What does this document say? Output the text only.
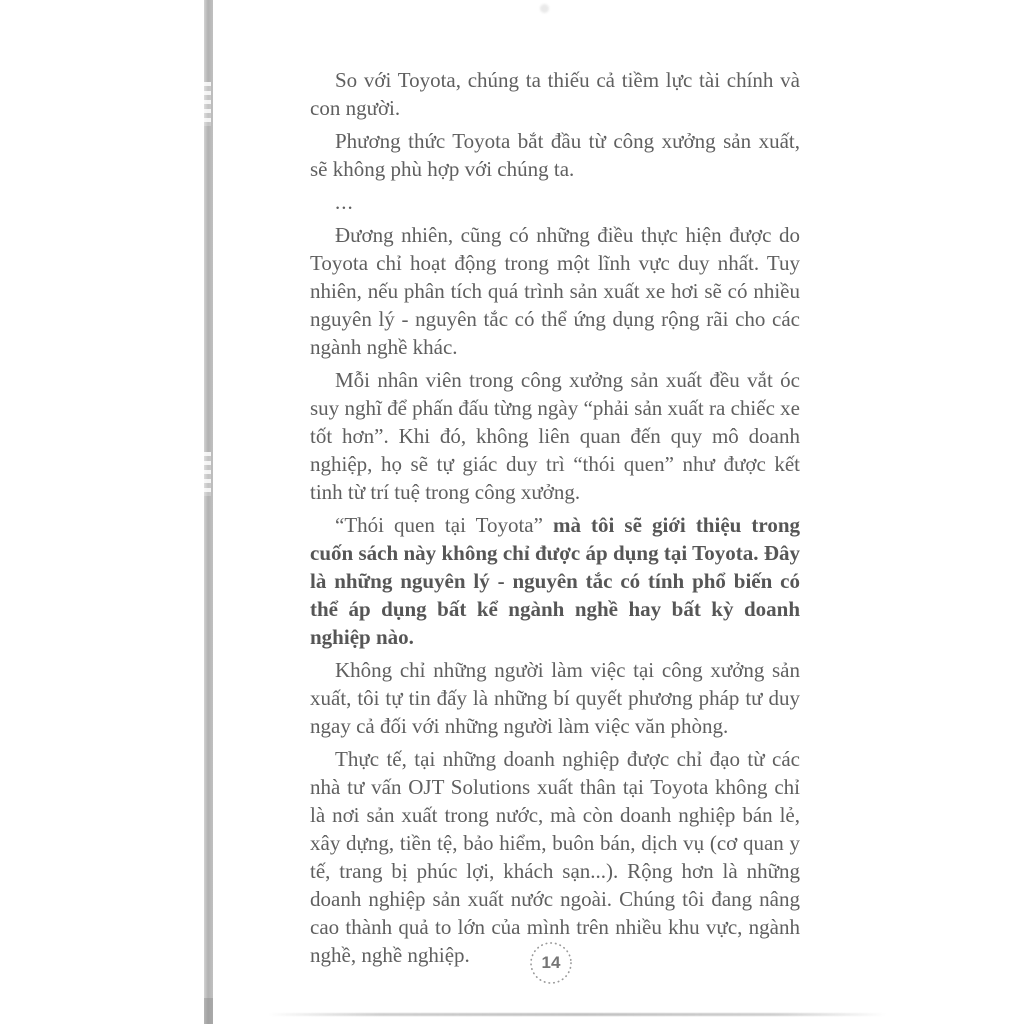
So với Toyota, chúng ta thiếu cả tiềm lực tài chính và con người.

Phương thức Toyota bắt đầu từ công xưởng sản xuất, sẽ không phù hợp với chúng ta.

...

Đương nhiên, cũng có những điều thực hiện được do Toyota chỉ hoạt động trong một lĩnh vực duy nhất. Tuy nhiên, nếu phân tích quá trình sản xuất xe hơi sẽ có nhiều nguyên lý - nguyên tắc có thể ứng dụng rộng rãi cho các ngành nghề khác.

Mỗi nhân viên trong công xưởng sản xuất đều vắt óc suy nghĩ để phấn đấu từng ngày “phải sản xuất ra chiếc xe tốt hơn”. Khi đó, không liên quan đến quy mô doanh nghiệp, họ sẽ tự giác duy trì “thói quen” như được kết tinh từ trí tuệ trong công xưởng.

“Thói quen tại Toyota” mà tôi sẽ giới thiệu trong cuốn sách này không chỉ được áp dụng tại Toyota. Đây là những nguyên lý - nguyên tắc có tính phổ biến có thể áp dụng bất kể ngành nghề hay bất kỳ doanh nghiệp nào.

Không chỉ những người làm việc tại công xưởng sản xuất, tôi tự tin đấy là những bí quyết phương pháp tư duy ngay cả đối với những người làm việc văn phòng.

Thực tế, tại những doanh nghiệp được chỉ đạo từ các nhà tư vấn OJT Solutions xuất thân tại Toyota không chỉ là nơi sản xuất trong nước, mà còn doanh nghiệp bán lẻ, xây dựng, tiền tệ, bảo hiểm, buôn bán, dịch vụ (cơ quan y tế, trang bị phúc lợi, khách sạn...). Rộng hơn là những doanh nghiệp sản xuất nước ngoài. Chúng tôi đang nâng cao thành quả to lớn của mình trên nhiều khu vực, ngành nghề, nghề nghiệp.	14
